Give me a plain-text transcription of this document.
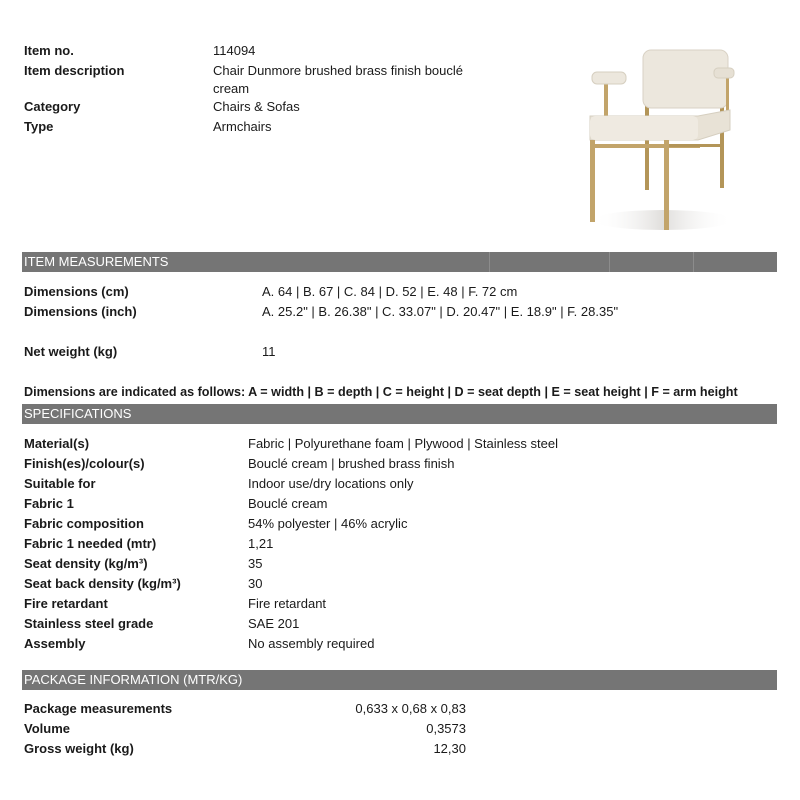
Item no.	114094
Item description	Chair Dunmore brushed brass finish bouclé
cream
Category	Chairs & Sofas
Type	Armchairs
ITEM MEASUREMENTS
Dimensions (cm)	A. 64 | B. 67 | C. 84 | D. 52 | E. 48 | F. 72 cm
Dimensions (inch)	A. 25.2" | B. 26.38" | C. 33.07" | D. 20.47" | E. 18.9" | F. 28.35"
Net weight (kg)	11
Dimensions are indicated as follows: A = width | B = depth | C = height | D = seat depth | E = seat height | F = arm height
SPECIFICATIONS
Material(s)	Fabric | Polyurethane foam | Plywood | Stainless steel
Finish(es)/colour(s)	Bouclé cream | brushed brass finish
Suitable for	Indoor use/dry locations only
Fabric 1	Bouclé cream
Fabric composition	54% polyester | 46% acrylic
Fabric 1 needed (mtr)	1,21
Seat density (kg/m³)	35
Seat back density (kg/m³)	30
Fire retardant	Fire retardant
Stainless steel grade	SAE 201
Assembly	No assembly required
PACKAGE INFORMATION (MTR/KG)
Package measurements	0,633 x 0,68 x 0,83
Volume	0,3573
Gross weight (kg)	12,30
